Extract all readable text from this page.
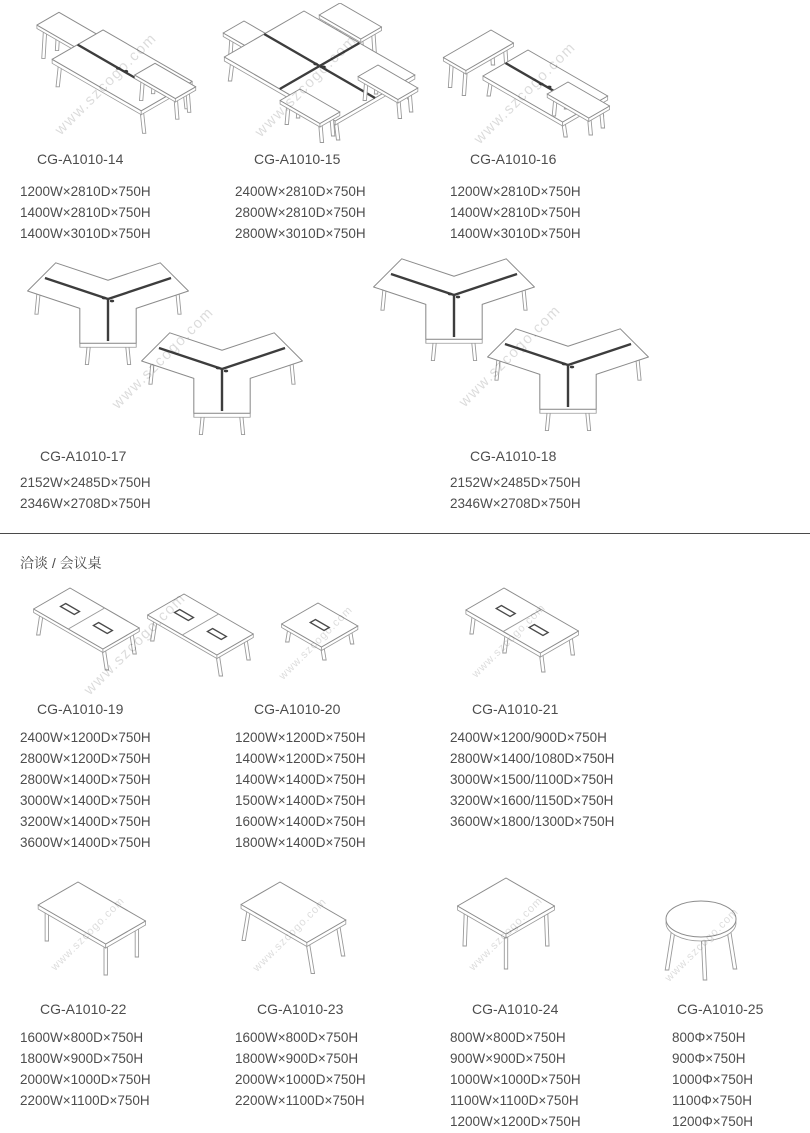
CG-A1010-14
1200W×2810D×750H
1400W×2810D×750H
1400W×3010D×750H
CG-A1010-15
2400W×2810D×750H
2800W×2810D×750H
2800W×3010D×750H
CG-A1010-16
1200W×2810D×750H
1400W×2810D×750H
1400W×3010D×750H
CG-A1010-17
2152W×2485D×750H
2346W×2708D×750H
CG-A1010-18
2152W×2485D×750H
2346W×2708D×750H
洽谈 / 会议桌
www.szcogo.com	www.szcogo.com
CG-A1010-19
2400W×1200D×750H
2800W×1200D×750H
2800W×1400D×750H
3000W×1400D×750H
3200W×1400D×750H
3600W×1400D×750H
CG-A1010-20
1200W×1200D×750H
1400W×1200D×750H
1400W×1400D×750H
1500W×1400D×750H
1600W×1400D×750H
1800W×1400D×750H
CG-A1010-21
2400W×1200/900D×750H
2800W×1400/1080D×750H
3000W×1500/1100D×750H
3200W×1600/1150D×750H
3600W×1800/1300D×750H
www.szcogo.com
CG-A1010-22
1600W×800D×750H
1800W×900D×750H
2000W×1000D×750H
2200W×1100D×750H
CG-A1010-23
1600W×800D×750H
1800W×900D×750H
2000W×1000D×750H
2200W×1100D×750H
CG-A1010-24
800W×800D×750H
900W×900D×750H
1000W×1000D×750H
1100W×1100D×750H
1200W×1200D×750H
CG-A1010-25
800Φ×750H
900Φ×750H
1000Φ×750H
1100Φ×750H
1200Φ×750H
